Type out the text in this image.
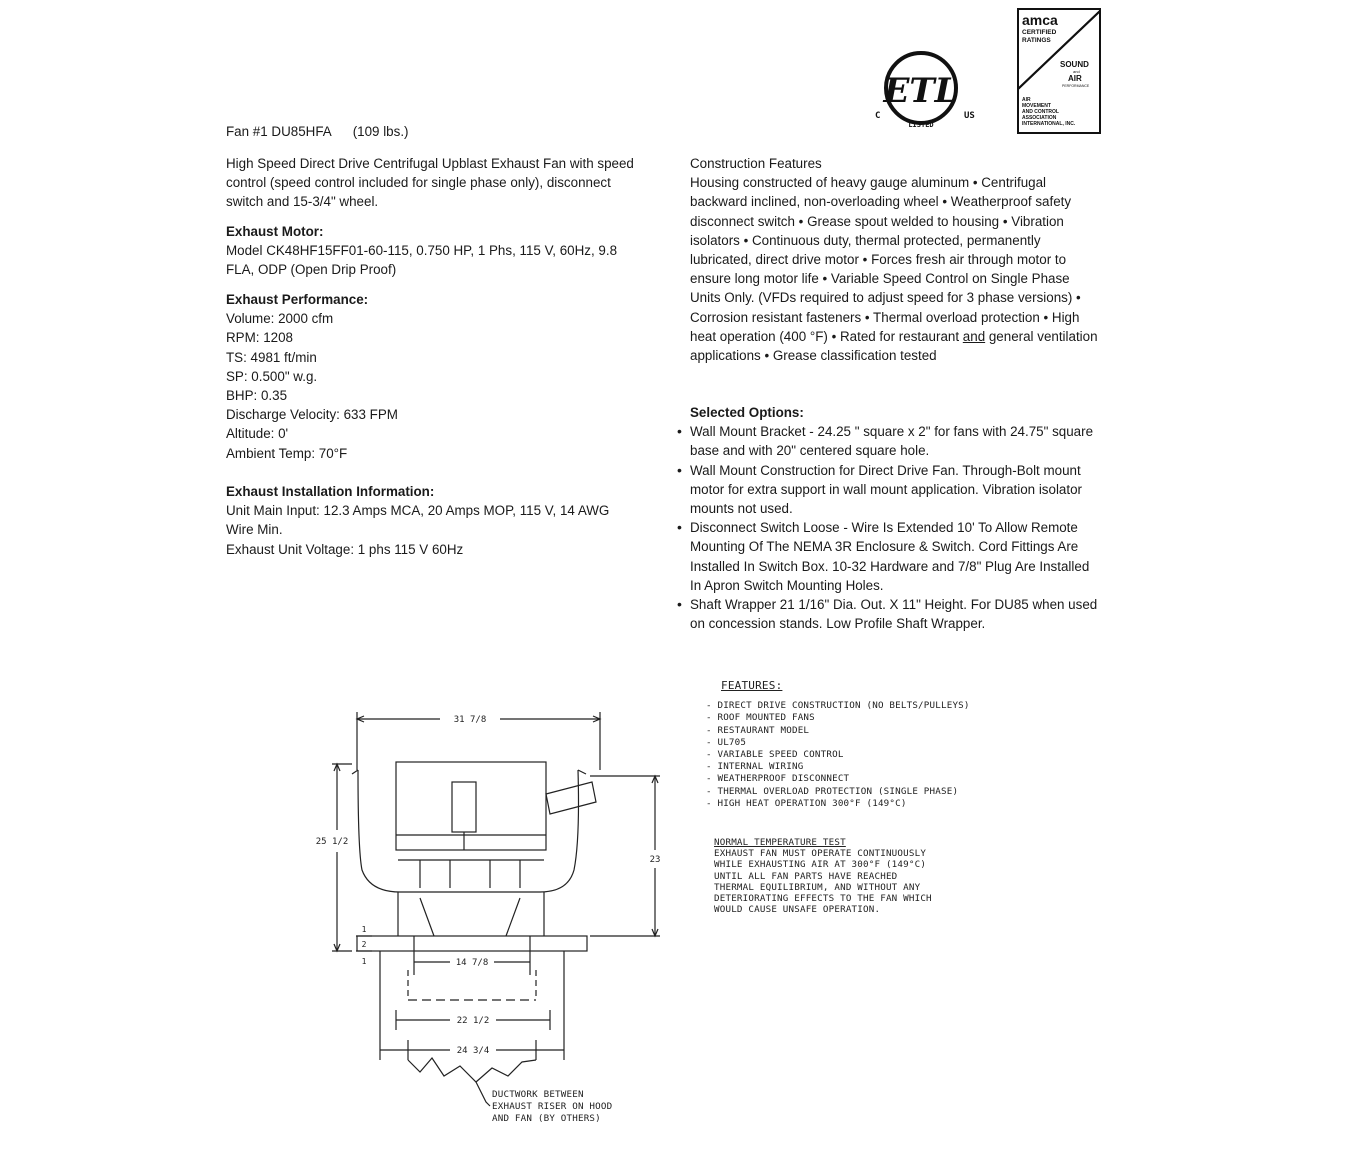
ETL
C	US
LISTED
amca
CERTIFIED
RATINGS
SOUND
and
AIR
PERFORMANCE
AIR
MOVEMENT
AND CONTROL
ASSOCIATION
INTERNATIONAL, INC.
Fan #1 DU85HFA (109 lbs.)
High Speed Direct Drive Centrifugal Upblast Exhaust Fan with speed
control (speed control included for single phase only), disconnect
switch and 15-3/4" wheel.
Exhaust Motor:
Model CK48HF15FF01-60-115, 0.750 HP, 1 Phs, 115 V, 60Hz, 9.8
FLA, ODP (Open Drip Proof)
Exhaust Performance:
Volume: 2000 cfm
RPM: 1208
TS: 4981 ft/min
SP: 0.500" w.g.
BHP: 0.35
Discharge Velocity: 633 FPM
Altitude: 0'
Ambient Temp: 70°F
Exhaust Installation Information:
Unit Main Input: 12.3 Amps MCA, 20 Amps MOP, 115 V, 14 AWG
Wire Min.
Exhaust Unit Voltage: 1 phs 115 V 60Hz
Construction Features
Housing constructed of heavy gauge aluminum • Centrifugal
backward inclined, non-overloading wheel • Weatherproof safety
disconnect switch • Grease spout welded to housing • Vibration
isolators • Continuous duty, thermal protected, permanently
lubricated, direct drive motor • Forces fresh air through motor to
ensure long motor life • Variable Speed Control on Single Phase
Units Only. (VFDs required to adjust speed for 3 phase versions) •
Corrosion resistant fasteners • Thermal overload protection • High
heat operation (400 °F) • Rated for restaurant and general ventilation
applications • Grease classification tested
Selected Options:
• Wall Mount Bracket - 24.25 " square x 2" for fans with 24.75" square
base and with 20" centered square hole.
• Wall Mount Construction for Direct Drive Fan. Through-Bolt mount
motor for extra support in wall mount application. Vibration isolator
mounts not used.
• Disconnect Switch Loose - Wire Is Extended 10' To Allow Remote
Mounting Of The NEMA 3R Enclosure & Switch. Cord Fittings Are
Installed In Switch Box. 10-32 Hardware and 7/8" Plug Are Installed
In Apron Switch Mounting Holes.
• Shaft Wrapper 21 1/16" Dia. Out. X 11" Height. For DU85 when used
on concession stands. Low Profile Shaft Wrapper.
31 7/8
25 1/2
23
1
2
1	14 7/8
22 1/2
24 3/4
DUCTWORK BETWEEN
EXHAUST RISER ON HOOD
AND FAN (BY OTHERS)
FEATURES:
- DIRECT DRIVE CONSTRUCTION (NO BELTS/PULLEYS)
- ROOF MOUNTED FANS
- RESTAURANT MODEL
- UL705
- VARIABLE SPEED CONTROL
- INTERNAL WIRING
- WEATHERPROOF DISCONNECT
- THERMAL OVERLOAD PROTECTION (SINGLE PHASE)
- HIGH HEAT OPERATION 300°F (149°C)
NORMAL TEMPERATURE TEST
EXHAUST FAN MUST OPERATE CONTINUOUSLY
WHILE EXHAUSTING AIR AT 300°F (149°C)
UNTIL ALL FAN PARTS HAVE REACHED
THERMAL EQUILIBRIUM, AND WITHOUT ANY
DETERIORATING EFFECTS TO THE FAN WHICH
WOULD CAUSE UNSAFE OPERATION.
